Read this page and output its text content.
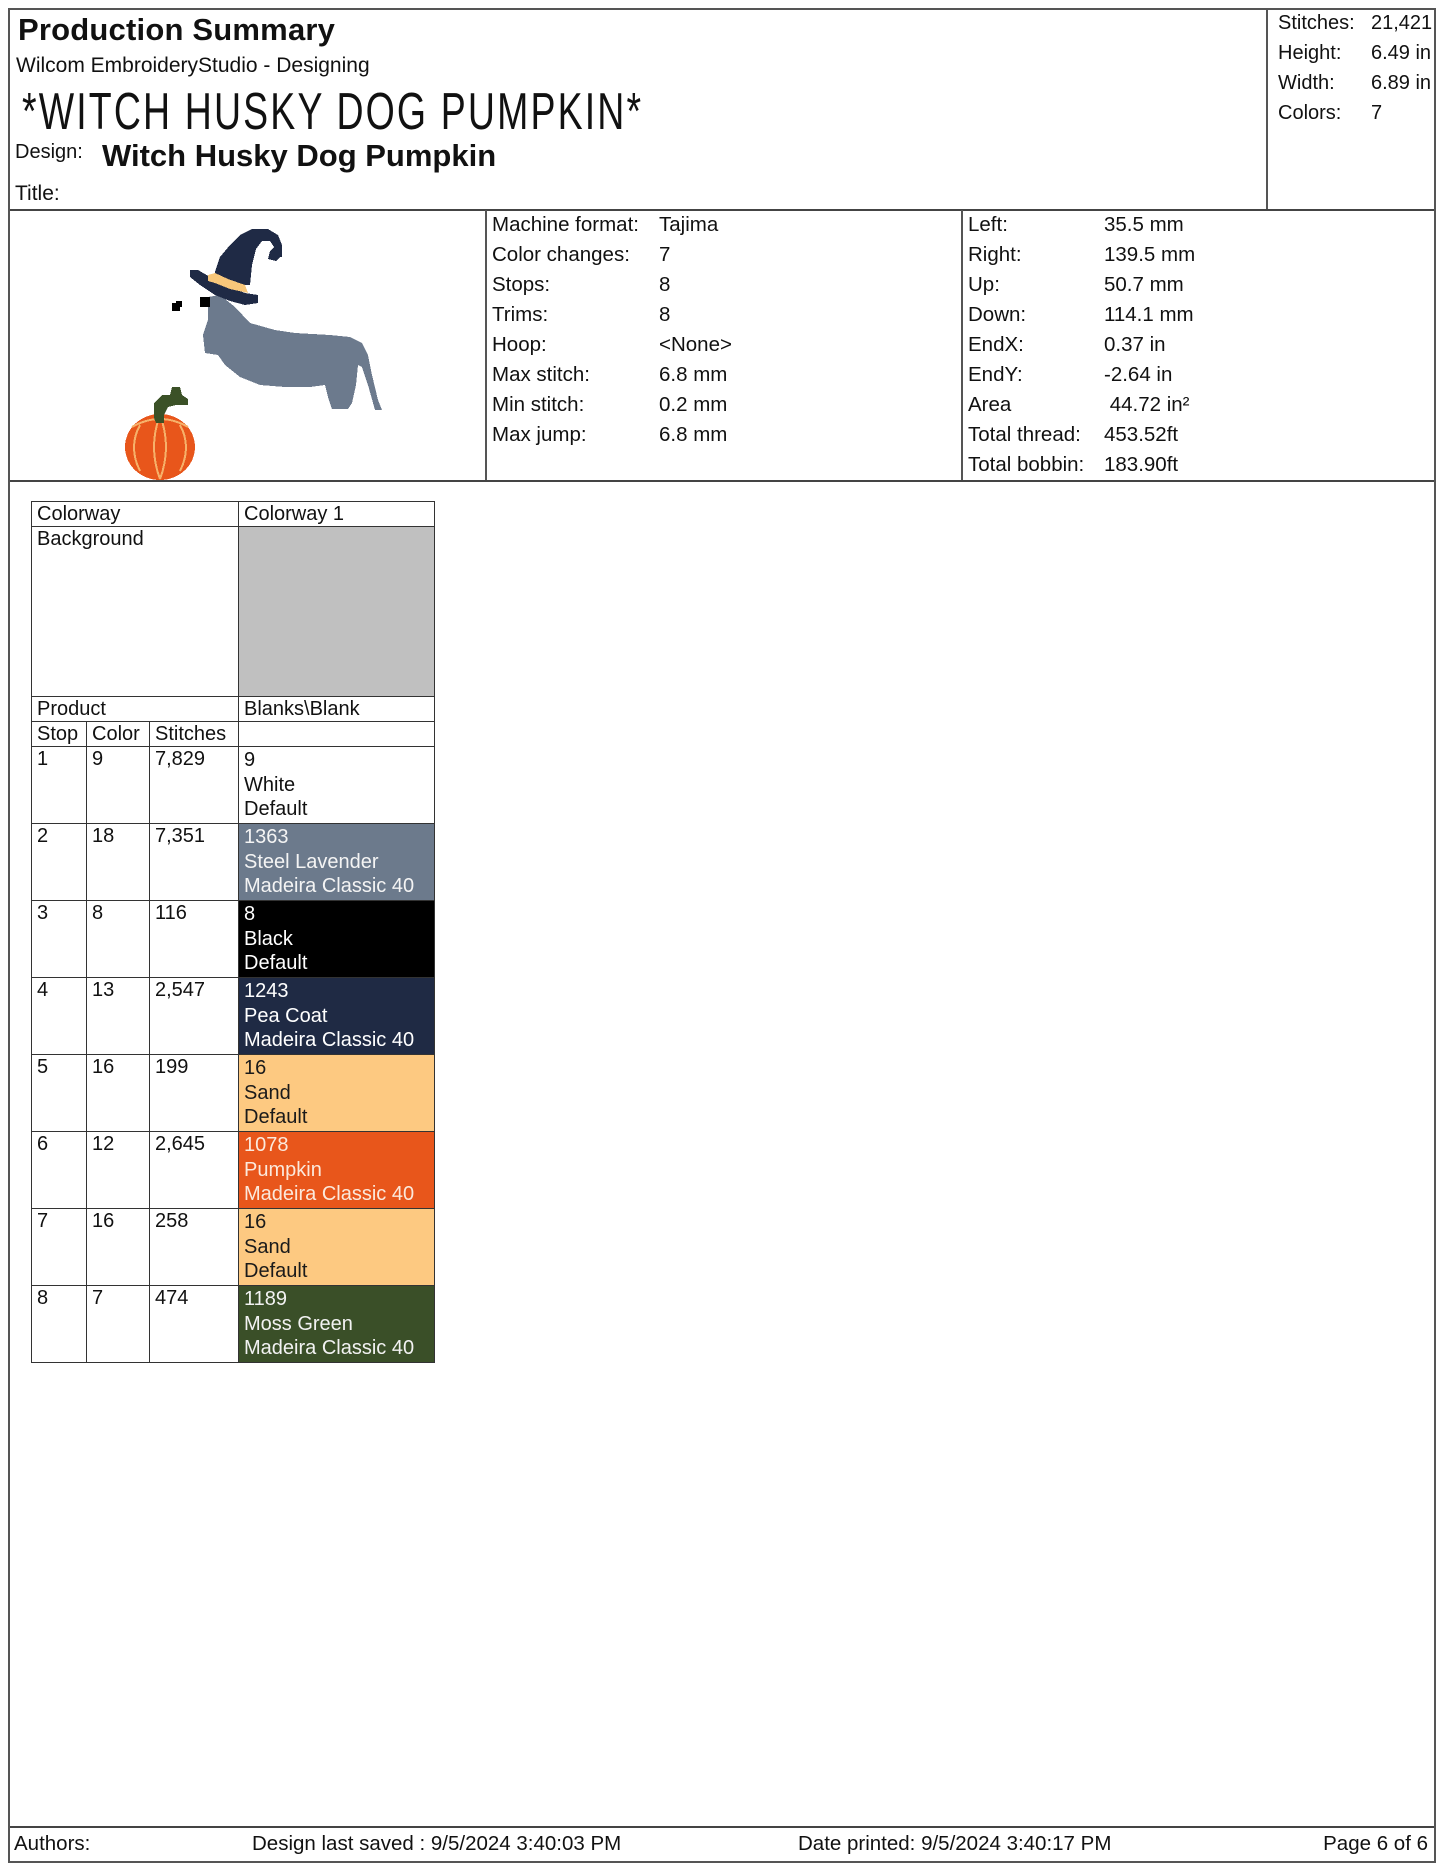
Production Summary
Wilcom EmbroideryStudio - Designing
*WITCH HUSKY DOG PUMPKIN*
Design: Witch Husky Dog Pumpkin
Title:
Stitches: 21,421
Height: 6.49 in
Width: 6.89 in
Colors: 7
Machine format: Tajima
Color changes: 7
Stops:	8
Trims:	8
Hoop:	<None>
Max stitch:	6.8 mm
Min stitch:	0.2 mm
Max jump:	6.8 mm
Left:	35.5 mm
Right:	139.5 mm
Up:	50.7 mm
Down:	114.1 mm
EndX:	0.37 in
EndY:	-2.64 in
Area	44.72 in²
Total thread: 453.52ft
Total bobbin: 183.90ft
Colorway			Colorway 1
Background			

Product			Blanks\Blank
Stop	Color	Stitches	
1	9	7,829	9
White
Default

2	18	7,351	1363
Steel Lavender
Madeira Classic 40

3	8	116	8
Black
Default

4	13	2,547	1243
Pea Coat
Madeira Classic 40

5	16	199	16
Sand
Default

6	12	2,645	1078
Pumpkin
Madeira Classic 40

7	16	258	16
Sand
Default

8	7	474	1189
Moss Green
Madeira Classic 40
Authors:	Design last saved : 9/5/2024 3:40:03 PM	Date printed: 9/5/2024 3:40:17 PM	Page 6 of 6
